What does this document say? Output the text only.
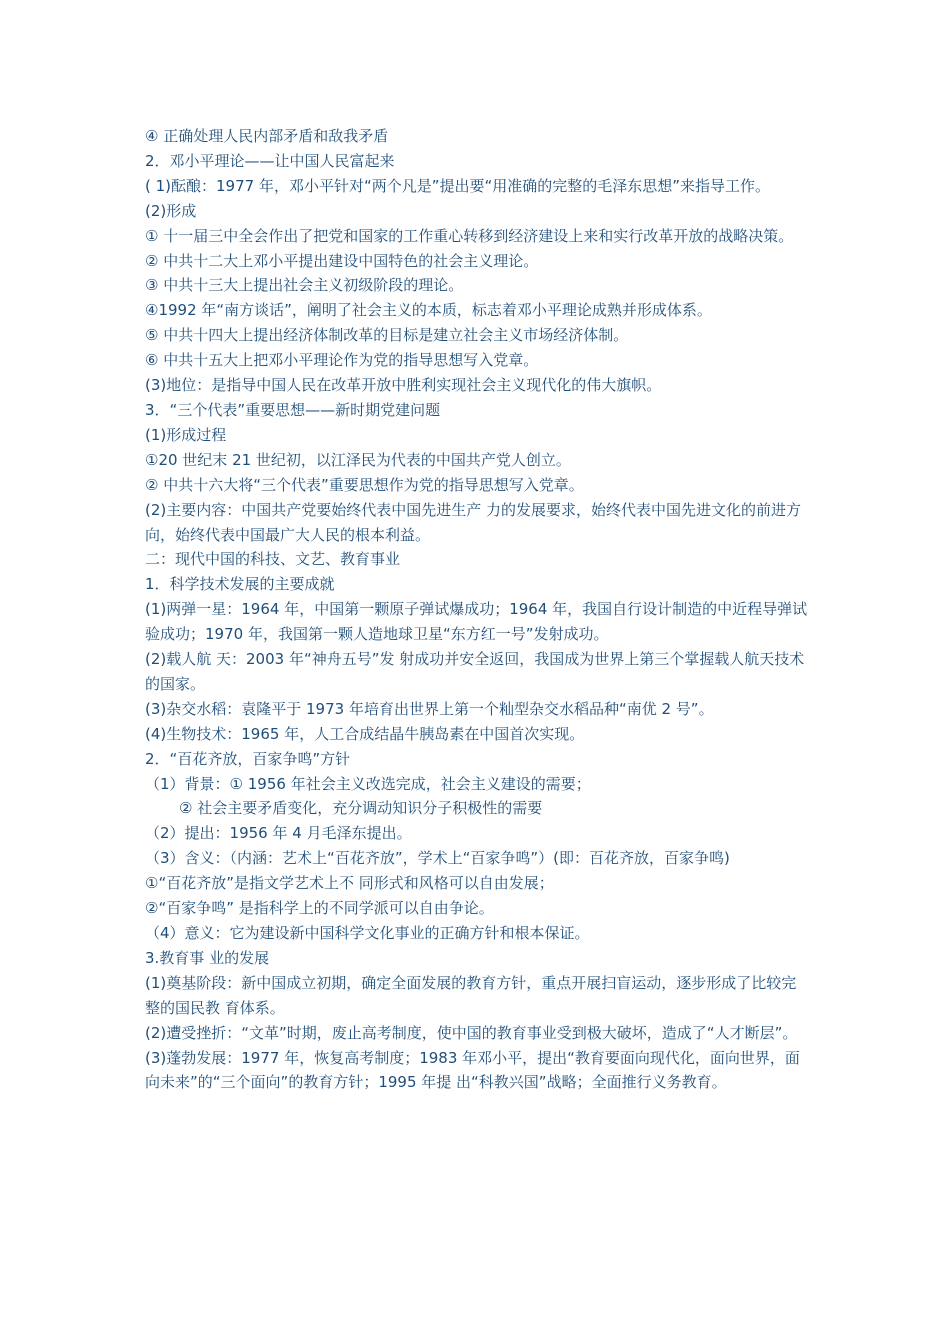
④ 正确处理人民内部矛盾和敌我矛盾

2．邓小平理论——让中国人民富起来

( 1)酝酿：1977 年，邓小平针对“两个凡是”提出要“用准确的完整的毛泽东思想”来指导工作。

(2)形成

① 十一届三中全会作出了把党和国家的工作重心转移到经济建设上来和实行改革开放的战略决策。

② 中共十二大上邓小平提出建设中国特色的社会主义理论。

③ 中共十三大上提出社会主义初级阶段的理论。

④1992 年“南方谈话”，阐明了社会主义的本质，标志着邓小平理论成熟并形成体系。

⑤ 中共十四大上提出经济体制改革的目标是建立社会主义市场经济体制。

⑥ 中共十五大上把邓小平理论作为党的指导思想写入党章。

(3)地位：是指导中国人民在改革开放中胜利实现社会主义现代化的伟大旗帜。

3．“三个代表”重要思想——新时期党建问题

(1)形成过程

①20 世纪末 21 世纪初，以江泽民为代表的中国共产党人创立。

② 中共十六大将“三个代表”重要思想作为党的指导思想写入党章。

(2)主要内容：中国共产党要始终代表中国先进生产 力的发展要求，始终代表中国先进文化的前进方向，始终代表中国最广大人民的根本利益。

二：现代中国的科技、文艺、教育事业

1．科学技术发展的主要成就

(1)两弹一星：1964 年，中国第一颗原子弹试爆成功；1964 年，我国自行设计制造的中近程导弹试验成功；1970 年，我国第一颗人造地球卫星“东方红一号”发射成功。

(2)载人航 天：2003 年“神舟五号”发 射成功并安全返回，我国成为世界上第三个掌握载人航天技术的国家。

(3)杂交水稻：袁隆平于 1973 年培育出世界上第一个籼型杂交水稻品种“南优 2 号”。

(4)生物技术：1965 年，人工合成结晶牛胰岛素在中国首次实现。

2．“百花齐放，百家争鸣”方针

（1）背景：① 1956 年社会主义改选完成，社会主义建设的需要；

② 社会主要矛盾变化，充分调动知识分子积极性的需要

（2）提出：1956 年 4 月毛泽东提出。

（3）含义：（内涵：艺术上“百花齐放”，学术上“百家争鸣”）(即：百花齐放，百家争鸣)

①“百花齐放”是指文学艺术上不 同形式和风格可以自由发展；

②“百家争鸣” 是指科学上的不同学派可以自由争论。

（4）意义：它为建设新中国科学文化事业的正确方针和根本保证。

3.教育事 业的发展

(1)奠基阶段：新中国成立初期，确定全面发展的教育方针，重点开展扫盲运动，逐步形成了比较完整的国民教 育体系。

(2)遭受挫折：“文革”时期，废止高考制度，使中国的教育事业受到极大破坏，造成了“人才断层”。

(3)蓬勃发展：1977 年，恢复高考制度；1983 年邓小平，提出“教育要面向现代化，面向世界，面向未来”的“三个面向”的教育方针；1995 年提 出“科教兴国”战略；全面推行义务教育。
